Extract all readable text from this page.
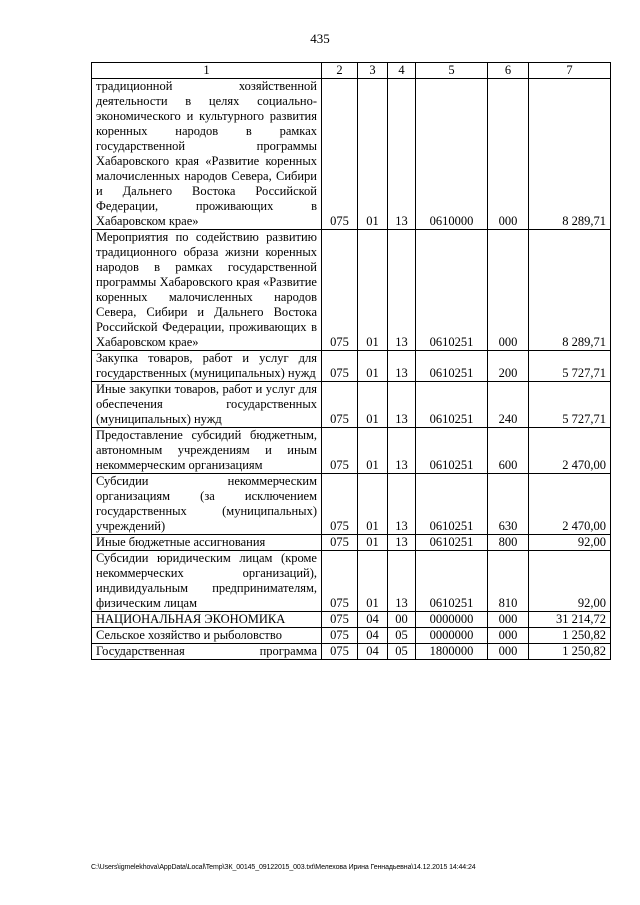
435
1	2	3	4	5	6	7
традиционной хозяйственной деятельности в целях социально-экономического и культурного развития коренных народов в рамках государственной программы Хабаровского края «Развитие коренных малочисленных народов Севера, Сибири и Дальнего Востока Российской Федерации, проживающих в Хабаровском крае»	075	01	13	0610000	000	8 289,71
Мероприятия по содействию развитию традиционного образа жизни коренных народов в рамках государственной программы Хабаровского края «Развитие коренных малочисленных народов Севера, Сибири и Дальнего Востока Российской Федерации, проживающих в Хабаровском крае»	075	01	13	0610251	000	8 289,71
Закупка товаров, работ и услуг для государственных (муниципальных) нужд	075	01	13	0610251	200	5 727,71
Иные закупки товаров, работ и услуг для обеспечения государственных (муниципальных) нужд	075	01	13	0610251	240	5 727,71
Предоставление субсидий бюджетным, автономным учреждениям и иным некоммерческим организациям	075	01	13	0610251	600	2 470,00
Субсидии некоммерческим организациям (за исключением государственных (муниципальных) учреждений)	075	01	13	0610251	630	2 470,00
Иные бюджетные ассигнования	075	01	13	0610251	800	92,00
Субсидии юридическим лицам (кроме некоммерческих организаций), индивидуальным предпринимателям, физическим лицам	075	01	13	0610251	810	92,00
НАЦИОНАЛЬНАЯ ЭКОНОМИКА	075	04	00	0000000	000	31 214,72
Сельское хозяйство и рыболовство	075	04	05	0000000	000	1 250,82
Государственная программа	075	04	05	1800000	000	1 250,82
C:\Users\igmelekhova\AppData\Local\Temp\ЗК_00145_09122015_003.txt\Мелехова Ирина Геннадьевна\14.12.2015 14:44:24
